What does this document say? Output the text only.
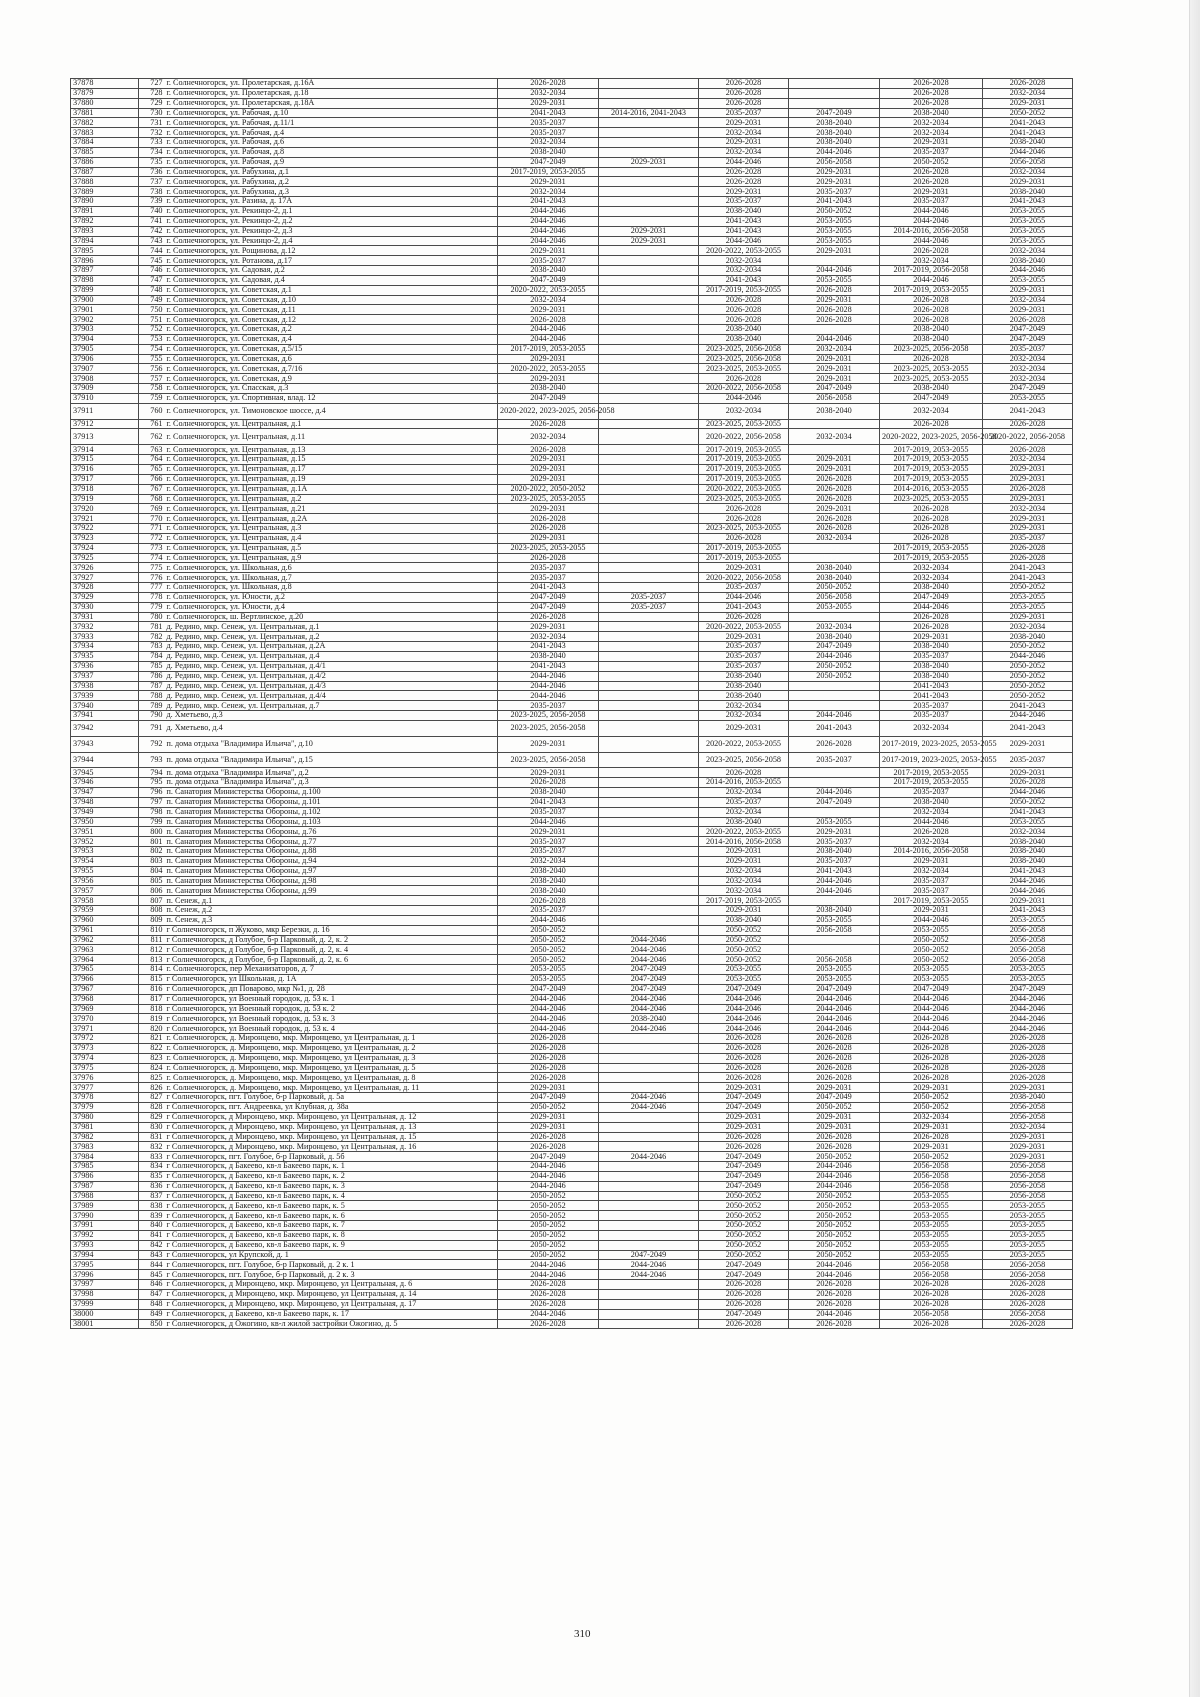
37878	727	г. Солнечногорск, ул. Пролетарская, д.16А	2026-2028		2026-2028		2026-2028	2026-2028
37879	728	г. Солнечногорск, ул. Пролетарская, д.18	2032-2034		2026-2028		2026-2028	2032-2034
37880	729	г. Солнечногорск, ул. Пролетарская, д.18А	2029-2031		2026-2028		2026-2028	2029-2031
37881	730	г. Солнечногорск, ул. Рабочая, д.10	2041-2043	2014-2016, 2041-2043	2035-2037	2047-2049	2038-2040	2050-2052
37882	731	г. Солнечногорск, ул. Рабочая, д.11/1	2035-2037		2029-2031	2038-2040	2032-2034	2041-2043
37883	732	г. Солнечногорск, ул. Рабочая, д.4	2035-2037		2032-2034	2038-2040	2032-2034	2041-2043
37884	733	г. Солнечногорск, ул. Рабочая, д.6	2032-2034		2029-2031	2038-2040	2029-2031	2038-2040
37885	734	г. Солнечногорск, ул. Рабочая, д.8	2038-2040		2032-2034	2044-2046	2035-2037	2044-2046
37886	735	г. Солнечногорск, ул. Рабочая, д.9	2047-2049	2029-2031	2044-2046	2056-2058	2050-2052	2056-2058
37887	736	г. Солнечногорск, ул. Рабухина, д.1	2017-2019, 2053-2055		2026-2028	2029-2031	2026-2028	2032-2034
37888	737	г. Солнечногорск, ул. Рабухина, д.2	2029-2031		2026-2028	2029-2031	2026-2028	2029-2031
37889	738	г. Солнечногорск, ул. Рабухина, д.3	2032-2034		2029-2031	2035-2037	2029-2031	2038-2040
37890	739	г. Солнечногорск, ул. Разина, д. 17А	2041-2043		2035-2037	2041-2043	2035-2037	2041-2043
37891	740	г. Солнечногорск, ул. Рекинцо-2, д.1	2044-2046		2038-2040	2050-2052	2044-2046	2053-2055
37892	741	г. Солнечногорск, ул. Рекинцо-2, д.2	2044-2046		2041-2043	2053-2055	2044-2046	2053-2055
37893	742	г. Солнечногорск, ул. Рекинцо-2, д.3	2044-2046	2029-2031	2041-2043	2053-2055	2014-2016, 2056-2058	2053-2055
37894	743	г. Солнечногорск, ул. Рекинцо-2, д.4	2044-2046	2029-2031	2044-2046	2053-2055	2044-2046	2053-2055
37895	744	г. Солнечногорск, ул. Рощинова, д.12	2029-2031		2020-2022, 2053-2055	2029-2031	2026-2028	2032-2034
37896	745	г. Солнечногорск, ул. Ротанова, д.17	2035-2037		2032-2034		2032-2034	2038-2040
37897	746	г. Солнечногорск, ул. Садовая, д.2	2038-2040		2032-2034	2044-2046	2017-2019, 2056-2058	2044-2046
37898	747	г. Солнечногорск, ул. Садовая, д.4	2047-2049		2041-2043	2053-2055	2044-2046	2053-2055
37899	748	г. Солнечногорск, ул. Советская, д.1	2020-2022, 2053-2055		2017-2019, 2053-2055	2026-2028	2017-2019, 2053-2055	2029-2031
37900	749	г. Солнечногорск, ул. Советская, д.10	2032-2034		2026-2028	2029-2031	2026-2028	2032-2034
37901	750	г. Солнечногорск, ул. Советская, д.11	2029-2031		2026-2028	2026-2028	2026-2028	2029-2031
37902	751	г. Солнечногорск, ул. Советская, д.12	2026-2028		2026-2028	2026-2028	2026-2028	2026-2028
37903	752	г. Солнечногорск, ул. Советская, д.2	2044-2046		2038-2040		2038-2040	2047-2049
37904	753	г. Солнечногорск, ул. Советская, д.4	2044-2046		2038-2040	2044-2046	2038-2040	2047-2049
37905	754	г. Солнечногорск, ул. Советская, д.5/15	2017-2019, 2053-2055		2023-2025, 2056-2058	2032-2034	2023-2025, 2056-2058	2035-2037
37906	755	г. Солнечногорск, ул. Советская, д.6	2029-2031		2023-2025, 2056-2058	2029-2031	2026-2028	2032-2034
37907	756	г. Солнечногорск, ул. Советская, д.7/16	2020-2022, 2053-2055		2023-2025, 2053-2055	2029-2031	2023-2025, 2053-2055	2032-2034
37908	757	г. Солнечногорск, ул. Советская, д.9	2029-2031		2026-2028	2029-2031	2023-2025, 2053-2055	2032-2034
37909	758	г. Солнечногорск, ул. Спасская, д.3	2038-2040		2020-2022, 2056-2058	2047-2049	2038-2040	2047-2049
37910	759	г. Солнечногорск, ул. Спортивная, влад. 12	2047-2049		2044-2046	2056-2058	2047-2049	2053-2055
37911	760	г. Солнечногорск, ул. Тимоновское шоссе, д.4	2020-2022, 2023-2025, 2056-2058		2032-2034	2038-2040	2032-2034	2041-2043
37912	761	г. Солнечногорск, ул. Центральная, д.1	2026-2028		2023-2025, 2053-2055		2026-2028	2026-2028
37913	762	г. Солнечногорск, ул. Центральная, д.11	2032-2034		2020-2022, 2056-2058	2032-2034	2020-2022, 2023-2025, 2056-2058	2020-2022, 2056-2058
37914	763	г. Солнечногорск, ул. Центральная, д.13	2026-2028		2017-2019, 2053-2055		2017-2019, 2053-2055	2026-2028
37915	764	г. Солнечногорск, ул. Центральная, д.15	2029-2031		2017-2019, 2053-2055	2029-2031	2017-2019, 2053-2055	2032-2034
37916	765	г. Солнечногорск, ул. Центральная, д.17	2029-2031		2017-2019, 2053-2055	2029-2031	2017-2019, 2053-2055	2029-2031
37917	766	г. Солнечногорск, ул. Центральная, д.19	2029-2031		2017-2019, 2053-2055	2026-2028	2017-2019, 2053-2055	2029-2031
37918	767	г. Солнечногорск, ул. Центральная, д.1А	2020-2022, 2050-2052		2020-2022, 2053-2055	2026-2028	2014-2016, 2053-2055	2026-2028
37919	768	г. Солнечногорск, ул. Центральная, д.2	2023-2025, 2053-2055		2023-2025, 2053-2055	2026-2028	2023-2025, 2053-2055	2029-2031
37920	769	г. Солнечногорск, ул. Центральная, д.21	2029-2031		2026-2028	2029-2031	2026-2028	2032-2034
37921	770	г. Солнечногорск, ул. Центральная, д.2А	2026-2028		2026-2028	2026-2028	2026-2028	2029-2031
37922	771	г. Солнечногорск, ул. Центральная, д.3	2026-2028		2023-2025, 2053-2055	2026-2028	2026-2028	2029-2031
37923	772	г. Солнечногорск, ул. Центральная, д.4	2029-2031		2026-2028	2032-2034	2026-2028	2035-2037
37924	773	г. Солнечногорск, ул. Центральная, д.5	2023-2025, 2053-2055		2017-2019, 2053-2055		2017-2019, 2053-2055	2026-2028
37925	774	г. Солнечногорск, ул. Центральная, д.9	2026-2028		2017-2019, 2053-2055		2017-2019, 2053-2055	2026-2028
37926	775	г. Солнечногорск, ул. Школьная, д.6	2035-2037		2029-2031	2038-2040	2032-2034	2041-2043
37927	776	г. Солнечногорск, ул. Школьная, д.7	2035-2037		2020-2022, 2056-2058	2038-2040	2032-2034	2041-2043
37928	777	г. Солнечногорск, ул. Школьная, д.8	2041-2043		2035-2037	2050-2052	2038-2040	2050-2052
37929	778	г. Солнечногорск, ул. Юности, д.2	2047-2049	2035-2037	2044-2046	2056-2058	2047-2049	2053-2055
37930	779	г. Солнечногорск, ул. Юности, д.4	2047-2049	2035-2037	2041-2043	2053-2055	2044-2046	2053-2055
37931	780	г. Солнечногорск, ш. Вертлинское, д.20	2026-2028		2026-2028		2026-2028	2029-2031
37932	781	д. Редино, мкр. Сенеж, ул. Центральная, д.1	2029-2031		2020-2022, 2053-2055	2032-2034	2026-2028	2032-2034
37933	782	д. Редино, мкр. Сенеж, ул. Центральная, д.2	2032-2034		2029-2031	2038-2040	2029-2031	2038-2040
37934	783	д. Редино, мкр. Сенеж, ул. Центральная, д.2А	2041-2043		2035-2037	2047-2049	2038-2040	2050-2052
37935	784	д. Редино, мкр. Сенеж, ул. Центральная, д.4	2038-2040		2035-2037	2044-2046	2035-2037	2044-2046
37936	785	д. Редино, мкр. Сенеж, ул. Центральная, д.4/1	2041-2043		2035-2037	2050-2052	2038-2040	2050-2052
37937	786	д. Редино, мкр. Сенеж, ул. Центральная, д.4/2	2044-2046		2038-2040	2050-2052	2038-2040	2050-2052
37938	787	д. Редино, мкр. Сенеж, ул. Центральная, д.4/3	2044-2046		2038-2040		2041-2043	2050-2052
37939	788	д. Редино, мкр. Сенеж, ул. Центральная, д.4/4	2044-2046		2038-2040		2041-2043	2050-2052
37940	789	д. Редино, мкр. Сенеж, ул. Центральная, д.7	2035-2037		2032-2034		2035-2037	2041-2043
37941	790	д. Хметьево, д.3	2023-2025, 2056-2058		2032-2034	2044-2046	2035-2037	2044-2046
37942	791	д. Хметьево, д.4	2023-2025, 2056-2058		2029-2031	2041-2043	2032-2034	2041-2043
37943	792	п. дома отдыха "Владимира Ильича", д.10	2029-2031		2020-2022, 2053-2055	2026-2028	2017-2019, 2023-2025, 2053-2055	2029-2031
37944	793	п. дома отдыха "Владимира Ильича", д.15	2023-2025, 2056-2058		2023-2025, 2056-2058	2035-2037	2017-2019, 2023-2025, 2053-2055	2035-2037
37945	794	п. дома отдыха "Владимира Ильича", д.2	2029-2031		2026-2028		2017-2019, 2053-2055	2029-2031
37946	795	п. дома отдыха "Владимира Ильича", д.3	2026-2028		2014-2016, 2053-2055		2017-2019, 2053-2055	2026-2028
37947	796	п. Санатория Министерства Обороны, д.100	2038-2040		2032-2034	2044-2046	2035-2037	2044-2046
37948	797	п. Санатория Министерства Обороны, д.101	2041-2043		2035-2037	2047-2049	2038-2040	2050-2052
37949	798	п. Санатория Министерства Обороны, д.102	2035-2037		2032-2034		2032-2034	2041-2043
37950	799	п. Санатория Министерства Обороны, д.103	2044-2046		2038-2040	2053-2055	2044-2046	2053-2055
37951	800	п. Санатория Министерства Обороны, д.76	2029-2031		2020-2022, 2053-2055	2029-2031	2026-2028	2032-2034
37952	801	п. Санатория Министерства Обороны, д.77	2035-2037		2014-2016, 2056-2058	2035-2037	2032-2034	2038-2040
37953	802	п. Санатория Министерства Обороны, д.88	2035-2037		2029-2031	2038-2040	2014-2016, 2056-2058	2038-2040
37954	803	п. Санатория Министерства Обороны, д.94	2032-2034		2029-2031	2035-2037	2029-2031	2038-2040
37955	804	п. Санатория Министерства Обороны, д.97	2038-2040		2032-2034	2041-2043	2032-2034	2041-2043
37956	805	п. Санатория Министерства Обороны, д.98	2038-2040		2032-2034	2044-2046	2035-2037	2044-2046
37957	806	п. Санатория Министерства Обороны, д.99	2038-2040		2032-2034	2044-2046	2035-2037	2044-2046
37958	807	п. Сенеж, д.1	2026-2028		2017-2019, 2053-2055		2017-2019, 2053-2055	2029-2031
37959	808	п. Сенеж, д.2	2035-2037		2029-2031	2038-2040	2029-2031	2041-2043
37960	809	п. Сенеж, д.3	2044-2046		2038-2040	2053-2055	2044-2046	2053-2055
37961	810	г Солнечногорск, п Жуково, мкр Березки, д. 16	2050-2052		2050-2052	2056-2058	2053-2055	2056-2058
37962	811	г Солнечногорск, д Голубое, б-р Парковый, д. 2, к. 2	2050-2052	2044-2046	2050-2052		2050-2052	2056-2058
37963	812	г Солнечногорск, д Голубое, б-р Парковый, д. 2, к. 4	2050-2052	2044-2046	2050-2052		2050-2052	2056-2058
37964	813	г Солнечногорск, д Голубое, б-р Парковый, д. 2, к. 6	2050-2052	2044-2046	2050-2052	2056-2058	2050-2052	2056-2058
37965	814	г. Солнечногорск, пер Механизаторов, д. 7	2053-2055	2047-2049	2053-2055	2053-2055	2053-2055	2053-2055
37966	815	г Солнечногорск, ул Школьная, д. 1А	2053-2055	2047-2049	2053-2055	2053-2055	2053-2055	2053-2055
37967	816	г Солнечногорск, дп Поварово, мкр №1, д. 28	2047-2049	2047-2049	2047-2049	2047-2049	2047-2049	2047-2049
37968	817	г Солнечногорск, ул Военный городок, д. 53 к. 1	2044-2046	2044-2046	2044-2046	2044-2046	2044-2046	2044-2046
37969	818	г Солнечногорск, ул Военный городок, д. 53 к. 2	2044-2046	2044-2046	2044-2046	2044-2046	2044-2046	2044-2046
37970	819	г Солнечногорск, ул Военный городок, д. 53 к. 3	2044-2046	2038-2040	2044-2046	2044-2046	2044-2046	2044-2046
37971	820	г Солнечногорск, ул Военный городок, д. 53 к. 4	2044-2046	2044-2046	2044-2046	2044-2046	2044-2046	2044-2046
37972	821	г. Солнечногорск, д. Миронцево, мкр. Миронцево, ул Центральная, д. 1	2026-2028		2026-2028	2026-2028	2026-2028	2026-2028
37973	822	г. Солнечногорск, д. Миронцево, мкр. Миронцево, ул Центральная, д. 2	2026-2028		2026-2028	2026-2028	2026-2028	2026-2028
37974	823	г. Солнечногорск, д. Миронцево, мкр. Миронцево, ул Центральная, д. 3	2026-2028		2026-2028	2026-2028	2026-2028	2026-2028
37975	824	г. Солнечногорск, д. Миронцево, мкр. Миронцево, ул Центральная, д. 5	2026-2028		2026-2028	2026-2028	2026-2028	2026-2028
37976	825	г. Солнечногорск, д. Миронцево, мкр. Миронцево, ул Центральная, д. 8	2026-2028		2026-2028	2026-2028	2026-2028	2026-2028
37977	826	г. Солнечногорск, д. Миронцево, мкр. Миронцево, ул Центральная, д. 11	2029-2031		2029-2031	2029-2031	2029-2031	2029-2031
37978	827	г Солнечногорск, пгт. Голубое, б-р Парковый, д. 5а	2047-2049	2044-2046	2047-2049	2047-2049	2050-2052	2038-2040
37979	828	г Солнечногорск, пгт. Андреевка, ул Клубная, д. 38а	2050-2052	2044-2046	2047-2049	2050-2052	2050-2052	2056-2058
37980	829	г Солнечногорск, д Миронцево, мкр. Миронцево, ул Центральная, д. 12	2029-2031		2029-2031	2029-2031	2032-2034	2056-2058
37981	830	г Солнечногорск, д Миронцево, мкр. Миронцево, ул Центральная, д. 13	2029-2031		2029-2031	2029-2031	2029-2031	2032-2034
37982	831	г Солнечногорск, д Миронцево, мкр. Миронцево, ул Центральная, д. 15	2026-2028		2026-2028	2026-2028	2026-2028	2029-2031
37983	832	г Солнечногорск, д Миронцево, мкр. Миронцево, ул Центральная, д. 16	2026-2028		2026-2028	2026-2028	2029-2031	2029-2031
37984	833	г Солнечногорск, пгт. Голубое, б-р Парковый, д. 5б	2047-2049	2044-2046	2047-2049	2050-2052	2050-2052	2029-2031
37985	834	г Солнечногорск, д Бакеево, кв-л Бакеево парк, к. 1	2044-2046		2047-2049	2044-2046	2056-2058	2056-2058
37986	835	г Солнечногорск, д Бакеево, кв-л Бакеево парк, к. 2	2044-2046		2047-2049	2044-2046	2056-2058	2056-2058
37987	836	г Солнечногорск, д Бакеево, кв-л Бакеево парк, к. 3	2044-2046		2047-2049	2044-2046	2056-2058	2056-2058
37988	837	г Солнечногорск, д Бакеево, кв-л Бакеево парк, к. 4	2050-2052		2050-2052	2050-2052	2053-2055	2056-2058
37989	838	г Солнечногорск, д Бакеево, кв-л Бакеево парк, к. 5	2050-2052		2050-2052	2050-2052	2053-2055	2053-2055
37990	839	г Солнечногорск, д Бакеево, кв-л Бакеево парк, к. 6	2050-2052		2050-2052	2050-2052	2053-2055	2053-2055
37991	840	г Солнечногорск, д Бакеево, кв-л Бакеево парк, к. 7	2050-2052		2050-2052	2050-2052	2053-2055	2053-2055
37992	841	г Солнечногорск, д Бакеево, кв-л Бакеево парк, к. 8	2050-2052		2050-2052	2050-2052	2053-2055	2053-2055
37993	842	г Солнечногорск, д Бакеево, кв-л Бакеево парк, к. 9	2050-2052		2050-2052	2050-2052	2053-2055	2053-2055
37994	843	г Солнечногорск, ул Крупской, д. 1	2050-2052	2047-2049	2050-2052	2050-2052	2053-2055	2053-2055
37995	844	г Солнечногорск, пгт. Голубое, б-р Парковый, д. 2 к. 1	2044-2046	2044-2046	2047-2049	2044-2046	2056-2058	2056-2058
37996	845	г Солнечногорск, пгт. Голубое, б-р Парковый, д. 2 к. 3	2044-2046	2044-2046	2047-2049	2044-2046	2056-2058	2056-2058
37997	846	г Солнечногорск, д Миронцево, мкр. Миронцево, ул Центральная, д. 6	2026-2028		2026-2028	2026-2028	2026-2028	2026-2028
37998	847	г Солнечногорск, д Миронцево, мкр. Миронцево, ул Центральная, д. 14	2026-2028		2026-2028	2026-2028	2026-2028	2026-2028
37999	848	г Солнечногорск, д Миронцево, мкр. Миронцево, ул Центральная, д. 17	2026-2028		2026-2028	2026-2028	2026-2028	2026-2028
38000	849	г Солнечногорск, д Бакеево, кв-л Бакеево парк, к. 17	2044-2046		2047-2049	2044-2046	2056-2058	2056-2058
38001	850	г Солнечногорск, д Ожогино, кв-л жилой застройки Ожогино, д. 5	2026-2028		2026-2028	2026-2028	2026-2028	2026-2028
310
